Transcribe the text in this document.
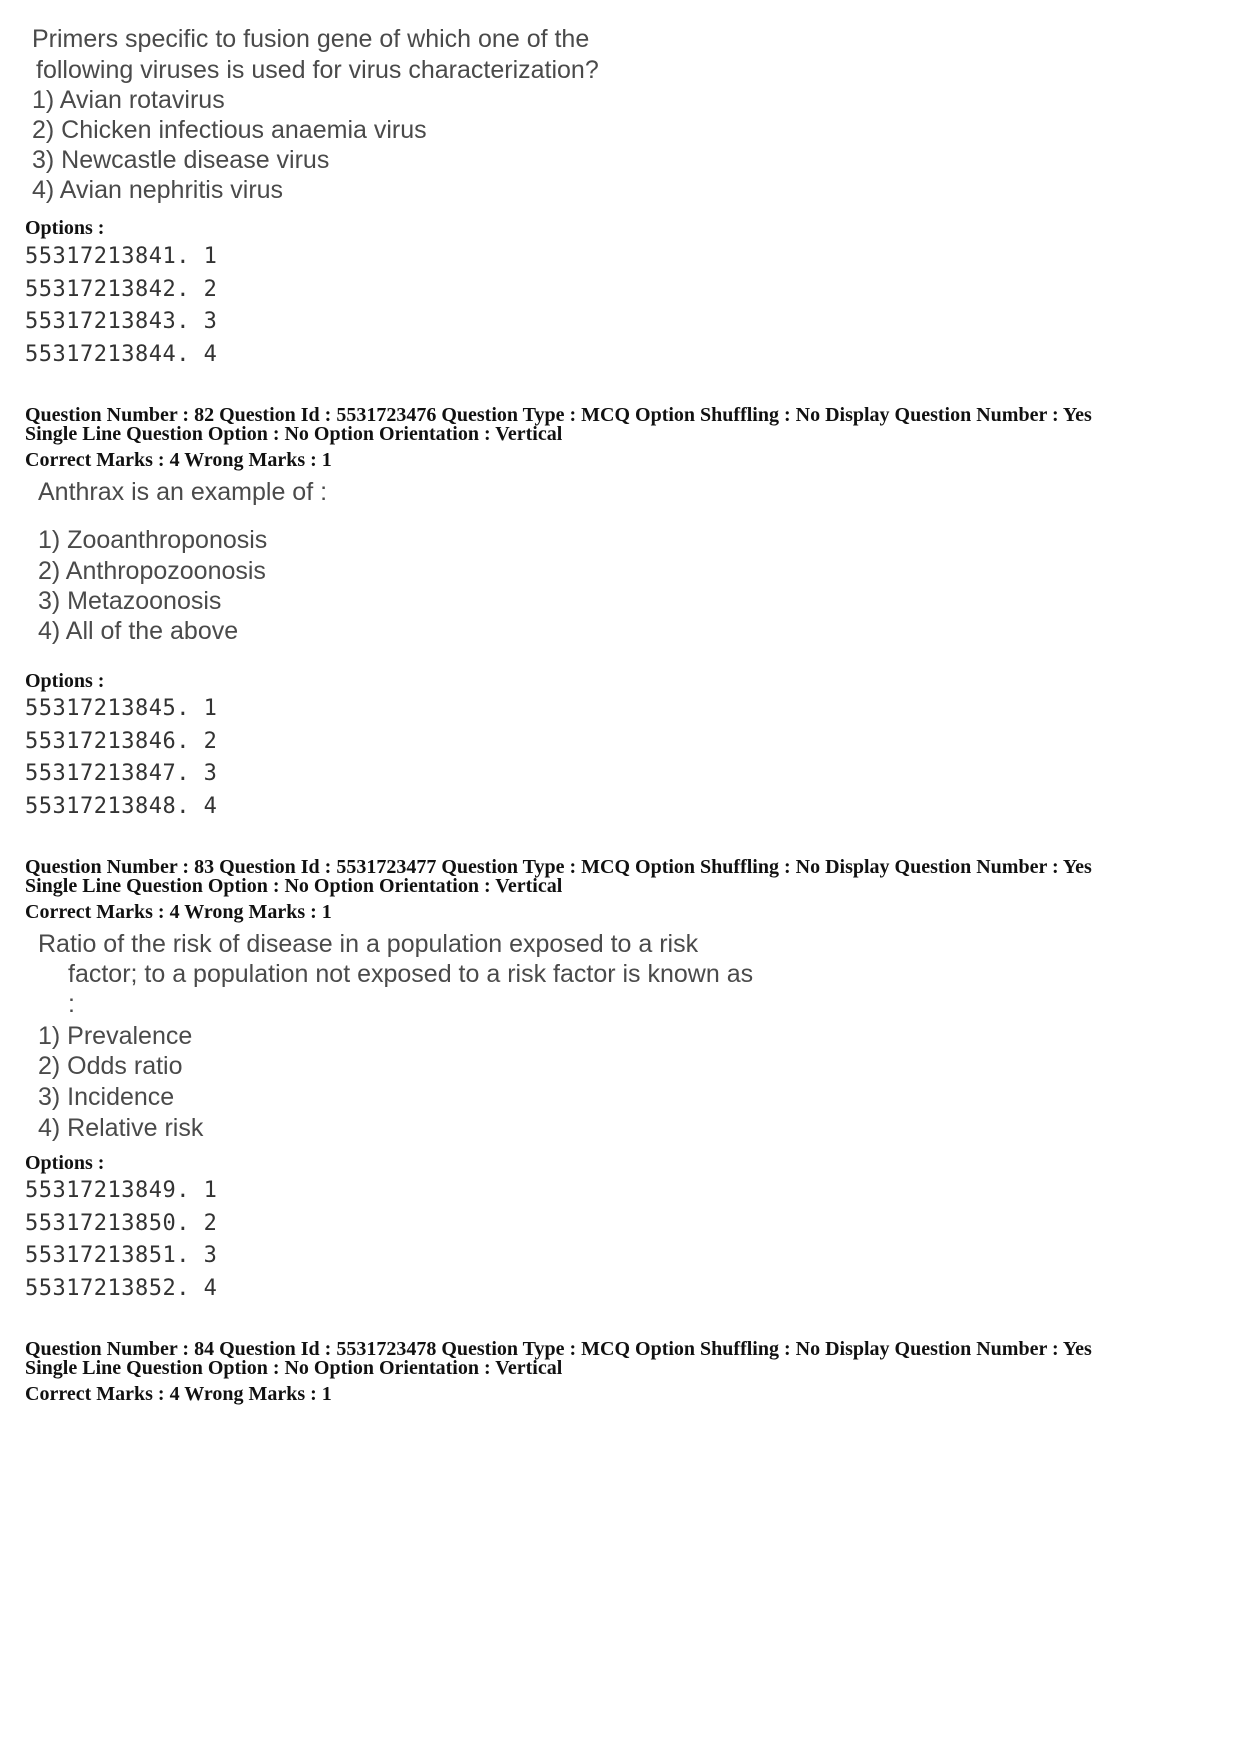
Primers specific to fusion gene of which one of the
following viruses is used for virus characterization?
1) Avian rotavirus
2) Chicken infectious anaemia virus
3) Newcastle disease virus
4) Avian nephritis virus
Options :
55317213841. 1
55317213842. 2
55317213843. 3
55317213844. 4
Question Number : 82 Question Id : 5531723476 Question Type : MCQ Option Shuffling : No Display Question Number : Yes
Single Line Question Option : No Option Orientation : Vertical
Correct Marks : 4 Wrong Marks : 1
Anthrax is an example of :
1) Zooanthroponosis
2) Anthropozoonosis
3) Metazoonosis
4) All of the above
Options :
55317213845. 1
55317213846. 2
55317213847. 3
55317213848. 4
Question Number : 83 Question Id : 5531723477 Question Type : MCQ Option Shuffling : No Display Question Number : Yes
Single Line Question Option : No Option Orientation : Vertical
Correct Marks : 4 Wrong Marks : 1
Ratio of the risk of disease in a population exposed to a risk
factor; to a population not exposed to a risk factor is known as
:
1) Prevalence
2) Odds ratio
3) Incidence
4) Relative risk
Options :
55317213849. 1
55317213850. 2
55317213851. 3
55317213852. 4
Question Number : 84 Question Id : 5531723478 Question Type : MCQ Option Shuffling : No Display Question Number : Yes
Single Line Question Option : No Option Orientation : Vertical
Correct Marks : 4 Wrong Marks : 1
